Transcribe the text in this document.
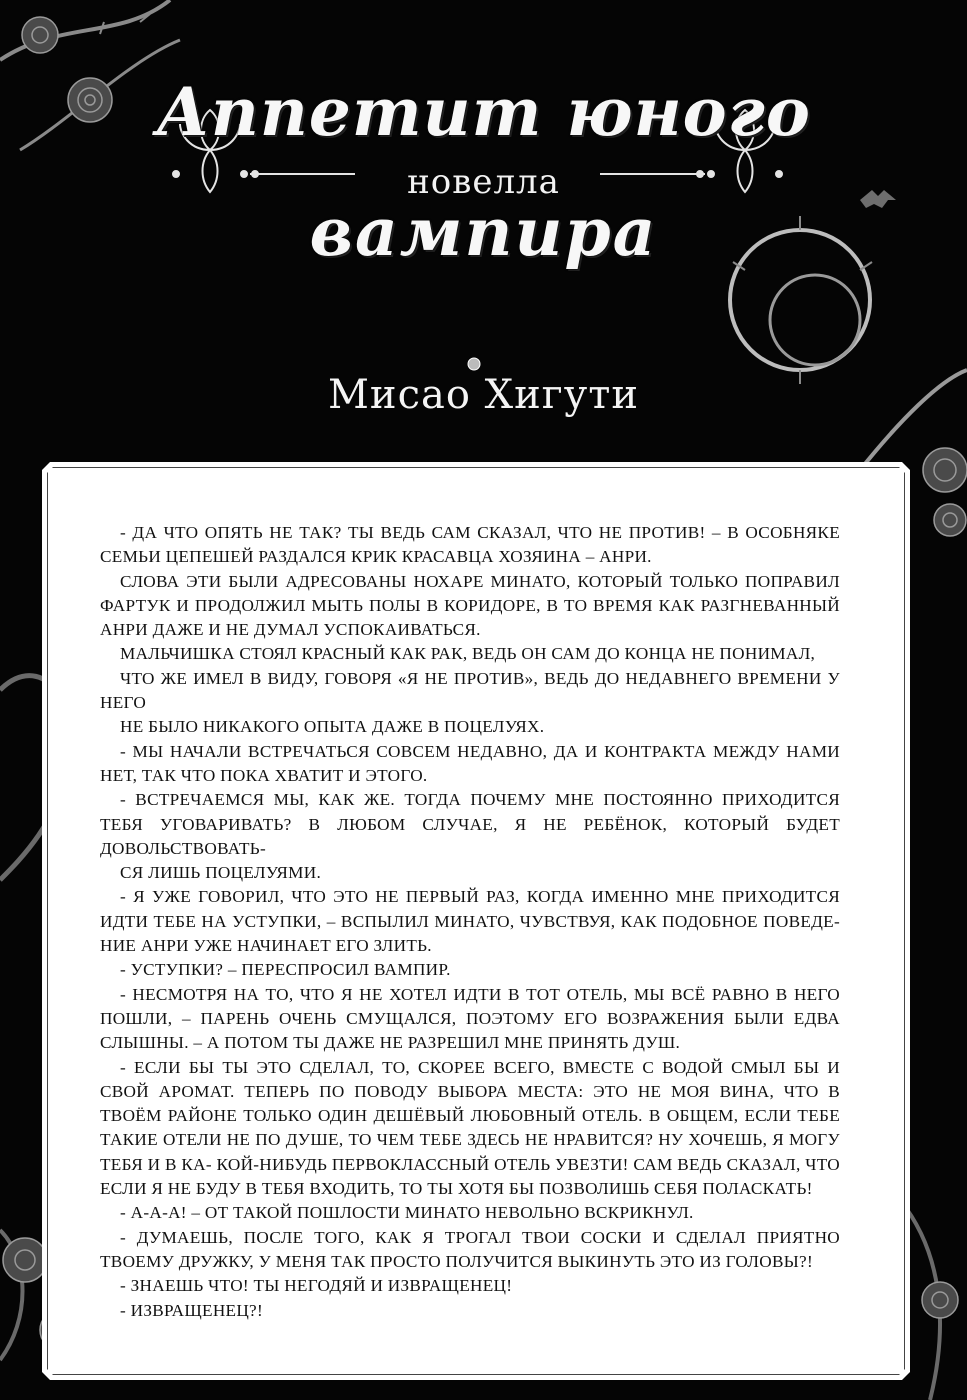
Аппетит юного
новелла
вампира
Мисао Хигути

- ДА ЧТО ОПЯТЬ НЕ ТАК? ТЫ ВЕДЬ САМ СКАЗАЛ, ЧТО НЕ ПРОТИВ! – В ОСОБНЯКЕ СЕМЬИ ЦЕПЕШЕЙ РАЗДАЛСЯ КРИК КРАСАВЦА ХОЗЯИНА – АНРИ.

СЛОВА ЭТИ БЫЛИ АДРЕСОВАНЫ НОХАРЕ МИНАТО, КОТОРЫЙ ТОЛЬКО ПОПРАВИЛ ФАРТУК И ПРОДОЛЖИЛ МЫТЬ ПОЛЫ В КОРИДОРЕ, В ТО ВРЕМЯ КАК РАЗГНЕВАННЫЙ АНРИ ДАЖЕ И НЕ ДУМАЛ УСПОКАИВАТЬСЯ.

МАЛЬЧИШКА СТОЯЛ КРАСНЫЙ КАК РАК, ВЕДЬ ОН САМ ДО КОНЦА НЕ ПОНИМАЛ,

ЧТО ЖЕ ИМЕЛ В ВИДУ, ГОВОРЯ «Я НЕ ПРОТИВ», ВЕДЬ ДО НЕДАВНЕГО ВРЕМЕНИ У НЕГО

НЕ БЫЛО НИКАКОГО ОПЫТА ДАЖЕ В ПОЦЕЛУЯХ.

- МЫ НАЧАЛИ ВСТРЕЧАТЬСЯ СОВСЕМ НЕДАВНО, ДА И КОНТРАКТА МЕЖДУ НАМИ НЕТ, ТАК ЧТО ПОКА ХВАТИТ И ЭТОГО.

- ВСТРЕЧАЕМСЯ МЫ, КАК ЖЕ. ТОГДА ПОЧЕМУ МНЕ ПОСТОЯННО ПРИХОДИТСЯ ТЕБЯ УГОВАРИВАТЬ? В ЛЮБОМ СЛУЧАЕ, Я НЕ РЕБЁНОК, КОТОРЫЙ БУДЕТ ДОВОЛЬСТВОВАТЬ-

СЯ ЛИШЬ ПОЦЕЛУЯМИ.

- Я УЖЕ ГОВОРИЛ, ЧТО ЭТО НЕ ПЕРВЫЙ РАЗ, КОГДА ИМЕННО МНЕ ПРИХОДИТСЯ ИДТИ ТЕБЕ НА УСТУПКИ, – ВСПЫЛИЛ МИНАТО, ЧУВСТВУЯ, КАК ПОДОБНОЕ ПОВЕДЕ- НИЕ АНРИ УЖЕ НАЧИНАЕТ ЕГО ЗЛИТЬ.

- УСТУПКИ? – ПЕРЕСПРОСИЛ ВАМПИР.

- НЕСМОТРЯ НА ТО, ЧТО Я НЕ ХОТЕЛ ИДТИ В ТОТ ОТЕЛЬ, МЫ ВСЁ РАВНО В НЕГО ПОШЛИ, – ПАРЕНЬ ОЧЕНЬ СМУЩАЛСЯ, ПОЭТОМУ ЕГО ВОЗРАЖЕНИЯ БЫЛИ ЕДВА СЛЫШНЫ. – А ПОТОМ ТЫ ДАЖЕ НЕ РАЗРЕШИЛ МНЕ ПРИНЯТЬ ДУШ.

- ЕСЛИ БЫ ТЫ ЭТО СДЕЛАЛ, ТО, СКОРЕЕ ВСЕГО, ВМЕСТЕ С ВОДОЙ СМЫЛ БЫ И СВОЙ АРОМАТ. ТЕПЕРЬ ПО ПОВОДУ ВЫБОРА МЕСТА: ЭТО НЕ МОЯ ВИНА, ЧТО В ТВОЁМ РАЙОНЕ ТОЛЬКО ОДИН ДЕШЁВЫЙ ЛЮБОВНЫЙ ОТЕЛЬ. В ОБЩЕМ, ЕСЛИ ТЕБЕ ТАКИЕ ОТЕЛИ НЕ ПО ДУШЕ, ТО ЧЕМ ТЕБЕ ЗДЕСЬ НЕ НРАВИТСЯ? НУ ХОЧЕШЬ, Я МОГУ ТЕБЯ И В КА- КОЙ-НИБУДЬ ПЕРВОКЛАССНЫЙ ОТЕЛЬ УВЕЗТИ! САМ ВЕДЬ СКАЗАЛ, ЧТО ЕСЛИ Я НЕ БУДУ В ТЕБЯ ВХОДИТЬ, ТО ТЫ ХОТЯ БЫ ПОЗВОЛИШЬ СЕБЯ ПОЛАСКАТЬ!

- А-А-А! – ОТ ТАКОЙ ПОШЛОСТИ МИНАТО НЕВОЛЬНО ВСКРИКНУЛ.

- ДУМАЕШЬ, ПОСЛЕ ТОГО, КАК Я ТРОГАЛ ТВОИ СОСКИ И СДЕЛАЛ ПРИЯТНО ТВОЕМУ ДРУЖКУ, У МЕНЯ ТАК ПРОСТО ПОЛУЧИТСЯ ВЫКИНУТЬ ЭТО ИЗ ГОЛОВЫ?!

- ЗНАЕШЬ ЧТО! ТЫ НЕГОДЯЙ И ИЗВРАЩЕНЕЦ!

- ИЗВРАЩЕНЕЦ?!
